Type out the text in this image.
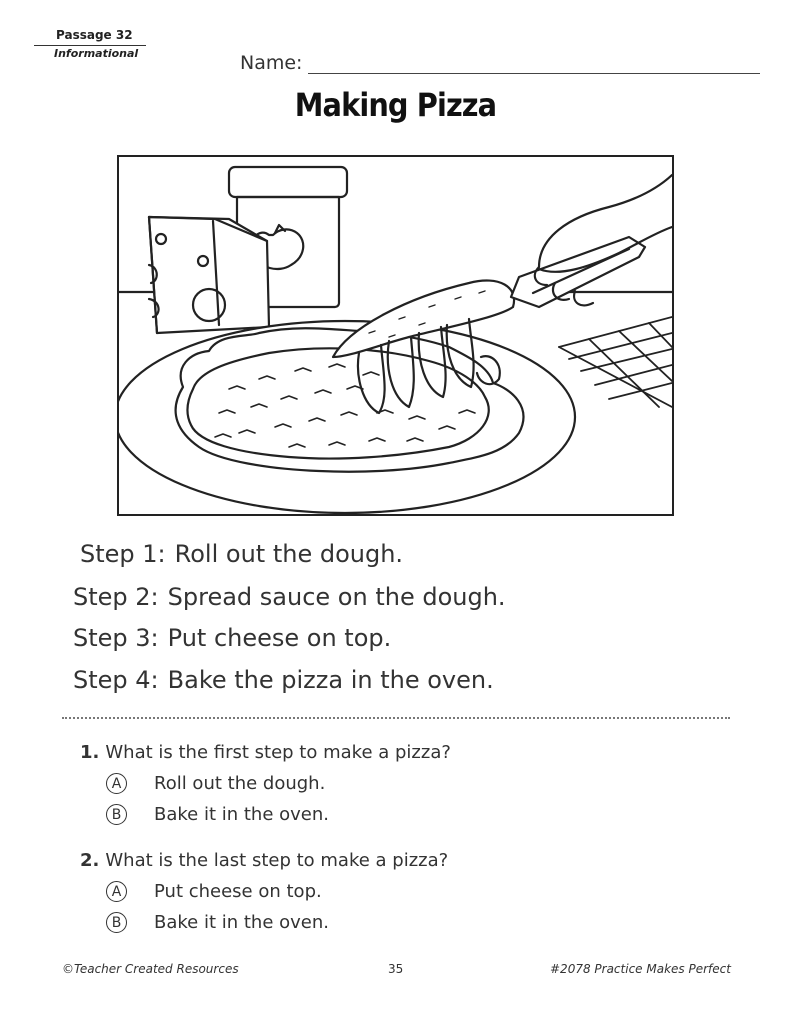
Passage 32
Informational	Name:
Making Pizza
Step 1: Roll out the dough.
Step 2: Spread sauce on the dough.
Step 3: Put cheese on top.
Step 4: Bake the pizza in the oven.
1. What is the first step to make a pizza?
A	Roll out the dough.
B	Bake it in the oven.
2. What is the last step to make a pizza?
A	Put cheese on top.
B	Bake it in the oven.
©Teacher Created Resources	35	#2078 Practice Makes Perfect
